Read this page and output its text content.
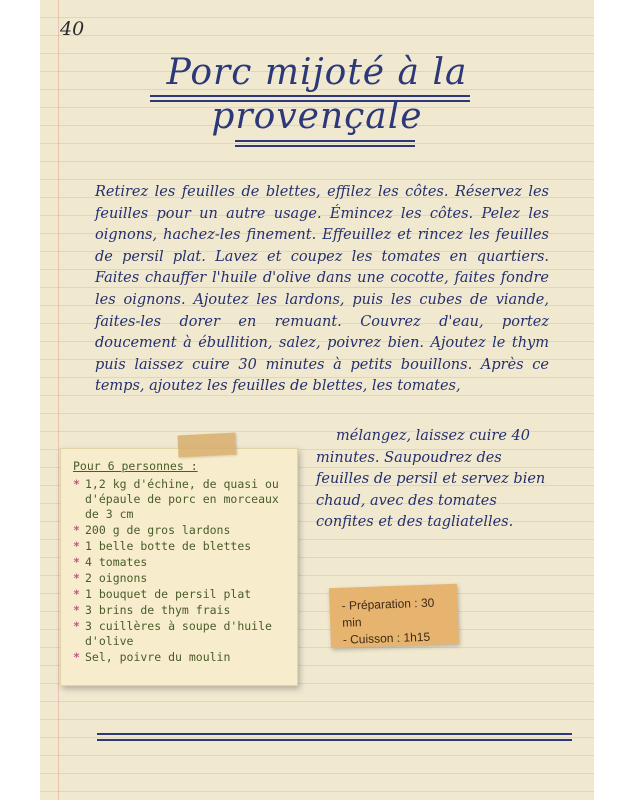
40
Porc mijoté à la
provençale

Retirez les feuilles de blettes, effilez les côtes. Réservez les feuilles pour un autre usage. Émincez les côtes. Pelez les oignons, hachez-les finement. Effeuillez et rincez les feuilles de persil plat. Lavez et coupez les tomates en quartiers. Faites chauffer l'huile d'olive dans une cocotte, faites fondre les oignons. Ajoutez les lardons, puis les cubes de viande, faites-les dorer en remuant. Couvrez d'eau, portez doucement à ébullition, salez, poivrez bien. Ajoutez le thym puis laissez cuire 30 minutes à petits bouillons. Après ce temps, ajoutez les feuilles de blettes, les tomates,

mélangez, laissez cuire 40 minutes. Saupoudrez des feuilles de persil et servez bien chaud, avec des tomates confites et des tagliatelles.

Pour 6 personnes :
* 1,2 kg d'échine, de quasi ou d'épaule de porc en morceaux de 3 cm
* 200 g de gros lardons
* 1 belle botte de blettes
* 4 tomates
* 2 oignons
* 1 bouquet de persil plat
* 3 brins de thym frais
* 3 cuillères à soupe d'huile d'olive
* Sel, poivre du moulin
- Préparation : 30 min
- Cuisson : 1h15
